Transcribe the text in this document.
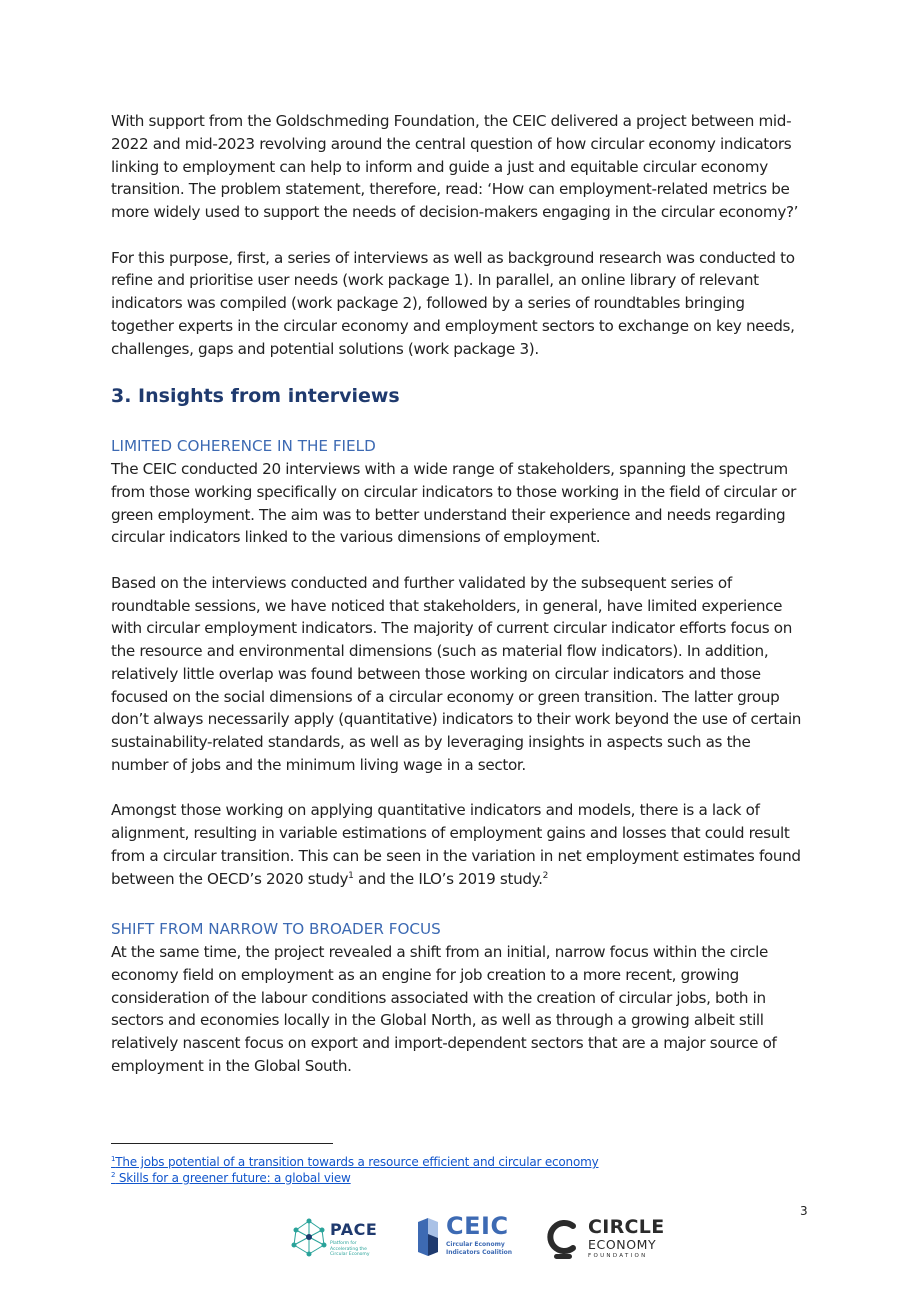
With support from the Goldschmeding Foundation, the CEIC delivered a project between mid-2022 and mid-2023 revolving around the central question of how circular economy indicators linking to employment can help to inform and guide a just and equitable circular economy transition. The problem statement, therefore, read: ‘How can employment-related metrics be more widely used to support the needs of decision-makers engaging in the circular economy?’

For this purpose, first, a series of interviews as well as background research was conducted to refine and prioritise user needs (work package 1). In parallel, an online library of relevant indicators was compiled (work package 2), followed by a series of roundtables bringing together experts in the circular economy and employment sectors to exchange on key needs, challenges, gaps and potential solutions (work package 3).

3. Insights from interviews
LIMITED COHERENCE IN THE FIELD

The CEIC conducted 20 interviews with a wide range of stakeholders, spanning the spectrum from those working specifically on circular indicators to those working in the field of circular or green employment. The aim was to better understand their experience and needs regarding circular indicators linked to the various dimensions of employment.

Based on the interviews conducted and further validated by the subsequent series of roundtable sessions, we have noticed that stakeholders, in general, have limited experience with circular employment indicators. The majority of current circular indicator efforts focus on the resource and environmental dimensions (such as material flow indicators). In addition, relatively little overlap was found between those working on circular indicators and those focused on the social dimensions of a circular economy or green transition. The latter group don’t always necessarily apply (quantitative) indicators to their work beyond the use of certain sustainability-related standards, as well as by leveraging insights in aspects such as the number of jobs and the minimum living wage in a sector.

Amongst those working on applying quantitative indicators and models, there is a lack of alignment, resulting in variable estimations of employment gains and losses that could result from a circular transition. This can be seen in the variation in net employment estimates found between the OECD’s 2020 study$^1$ and the ILO’s 2019 study.$^2$

SHIFT FROM NARROW TO BROADER FOCUS

At the same time, the project revealed a shift from an initial, narrow focus within the circle economy field on employment as an engine for job creation to a more recent, growing consideration of the labour conditions associated with the creation of circular jobs, both in sectors and economies locally in the Global North, as well as through a growing albeit still relatively nascent focus on export and import-dependent sectors that are a major source of employment in the Global South.

$^1$The jobs potential of a transition towards a resource efficient and circular economy
$^2$ Skills for a greener future: a global view
3
PACE
Platform for Accelerating the Circular Economy
CEIC
Circular Economy Indicators Coalition
CIRCLE
ECONOMY
FOUNDATION
